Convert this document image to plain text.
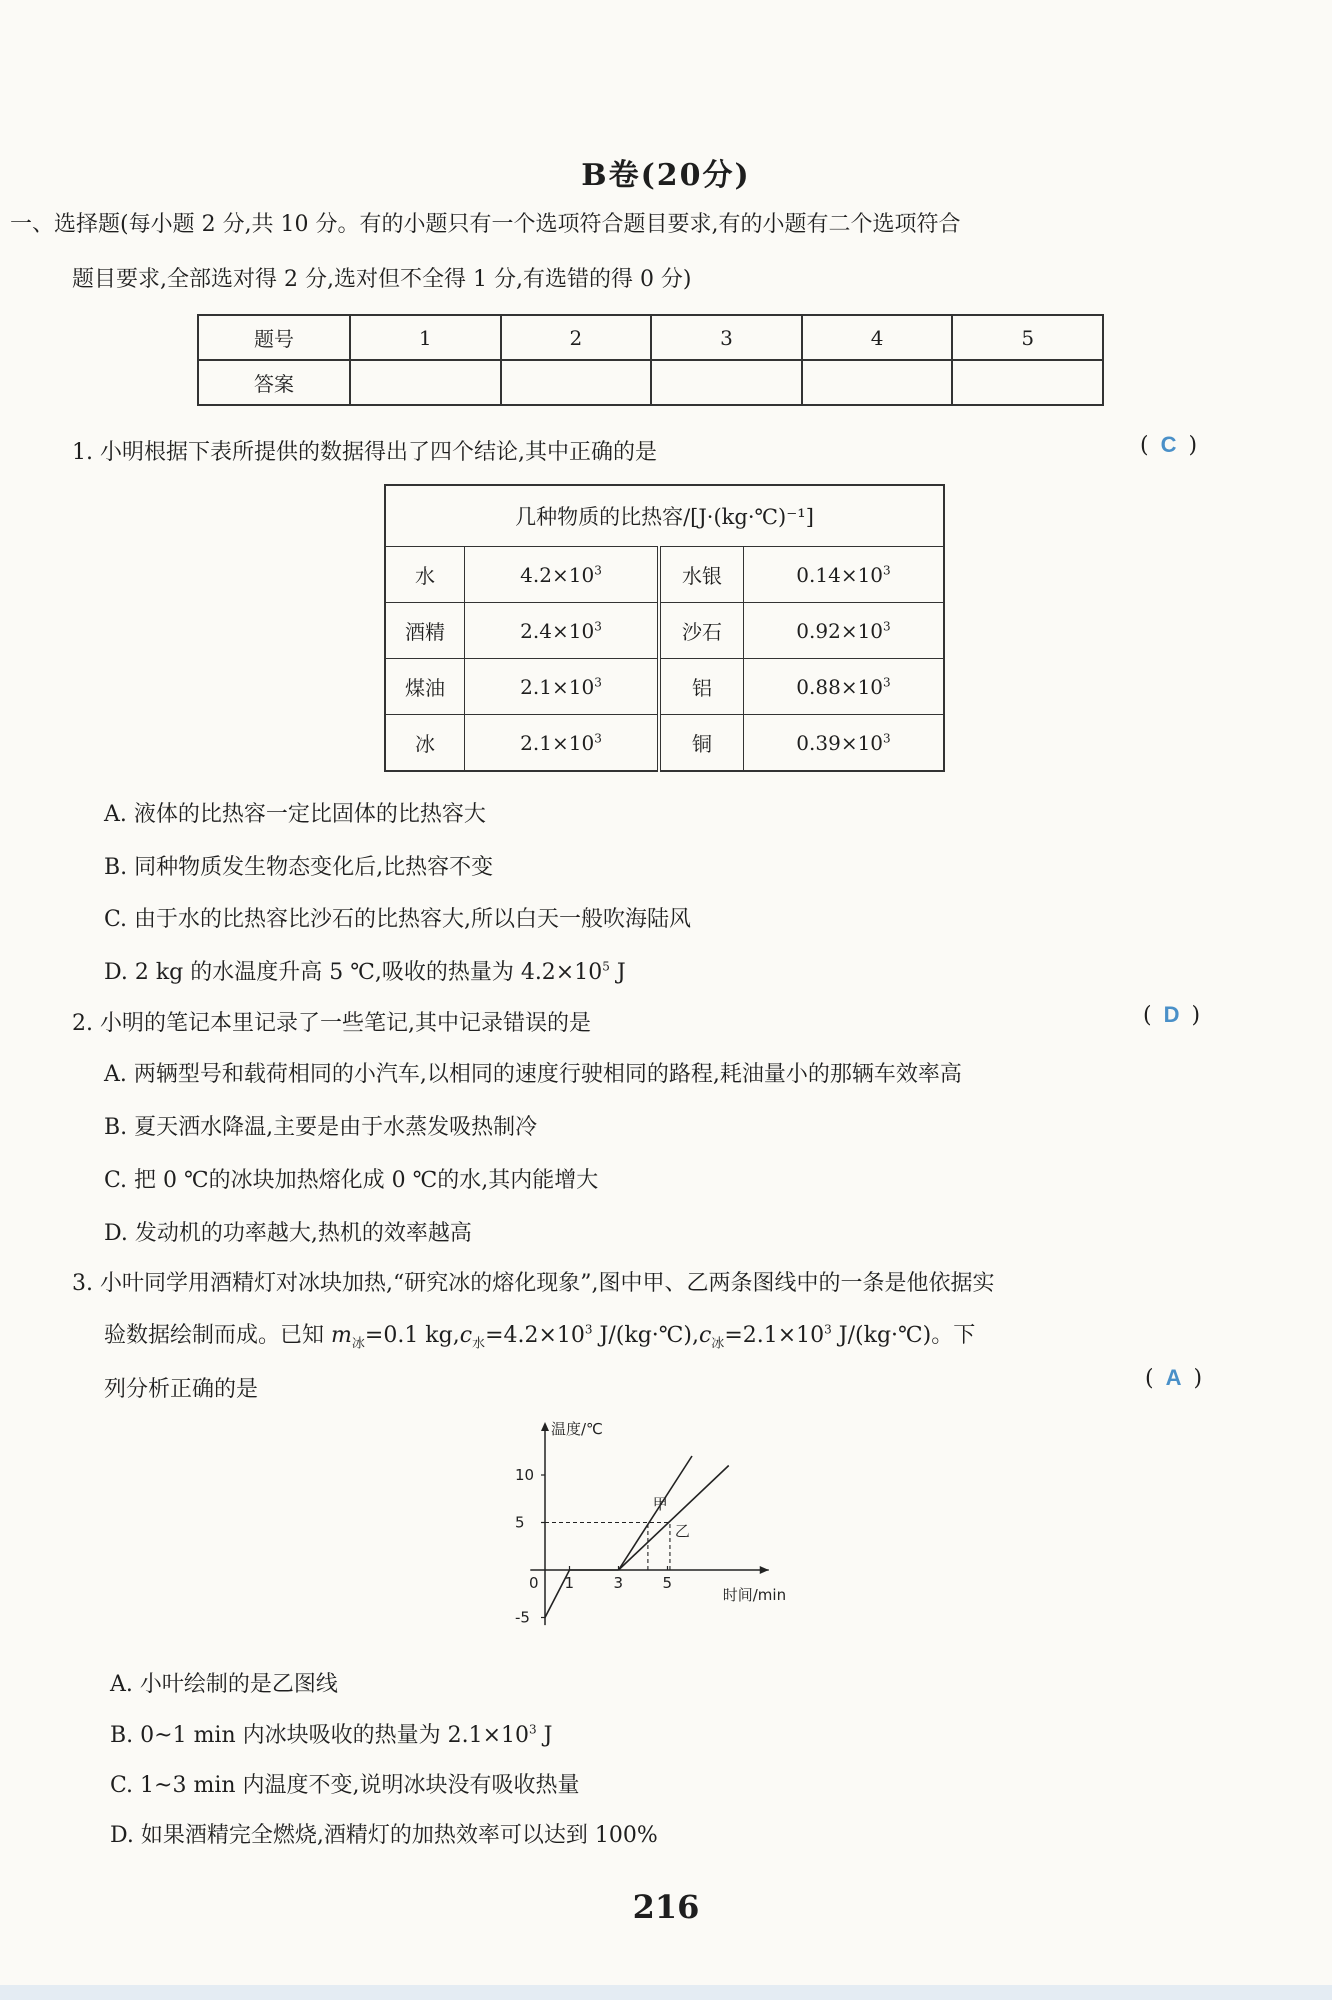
B卷(20分)
一、选择题(每小题 2 分,共 10 分。有的小题只有一个选项符合题目要求,有的小题有二个选项符合
题目要求,全部选对得 2 分,选对但不全得 1 分,有选错的得 0 分)
题号	1	2	3	4	5
答案					
1. 小明根据下表所提供的数据得出了四个结论,其中正确的是	( C )
几种物质的比热容/[J·(kg·℃)⁻¹]			
水	$4.2\times 10^3$	水银	$0.14\times 10^3$
酒精	$2.4\times 10^3$	沙石	$0.92\times 10^3$
煤油	$2.1\times 10^3$	铝	$0.88\times 10^3$
冰	$2.1\times 10^3$	铜	$0.39\times 10^3$
A. 液体的比热容一定比固体的比热容大
B. 同种物质发生物态变化后,比热容不变
C. 由于水的比热容比沙石的比热容大,所以白天一般吹海陆风
D. 2 kg 的水温度升高 5 ℃,吸收的热量为 $4.2\times 10^5$ J
2. 小明的笔记本里记录了一些笔记,其中记录错误的是	( D )
A. 两辆型号和载荷相同的小汽车,以相同的速度行驶相同的路程,耗油量小的那辆车效率高
B. 夏天洒水降温,主要是由于水蒸发吸热制冷
C. 把 0 ℃的冰块加热熔化成 0 ℃的水,其内能增大
D. 发动机的功率越大,热机的效率越高
3. 小叶同学用酒精灯对冰块加热,“研究冰的熔化现象”,图中甲、乙两条图线中的一条是他依据实
验数据绘制而成。已知 $m_冰=0.1$ $kg,c_水=4.2\times 10^3$ $J/(kg\cdot℃),c_冰=2.1\times 10^3$ J/(kg·℃)。下
列分析正确的是	( A )
温度/℃
时间/min
0
10
5
-5
1	3	5
甲
乙
A. 小叶绘制的是乙图线
B. 0~1 min 内冰块吸收的热量为 $2.1\times 10^3$ J
C. 1~3 min 内温度不变,说明冰块没有吸收热量
D. 如果酒精完全燃烧,酒精灯的加热效率可以达到 100%
216
